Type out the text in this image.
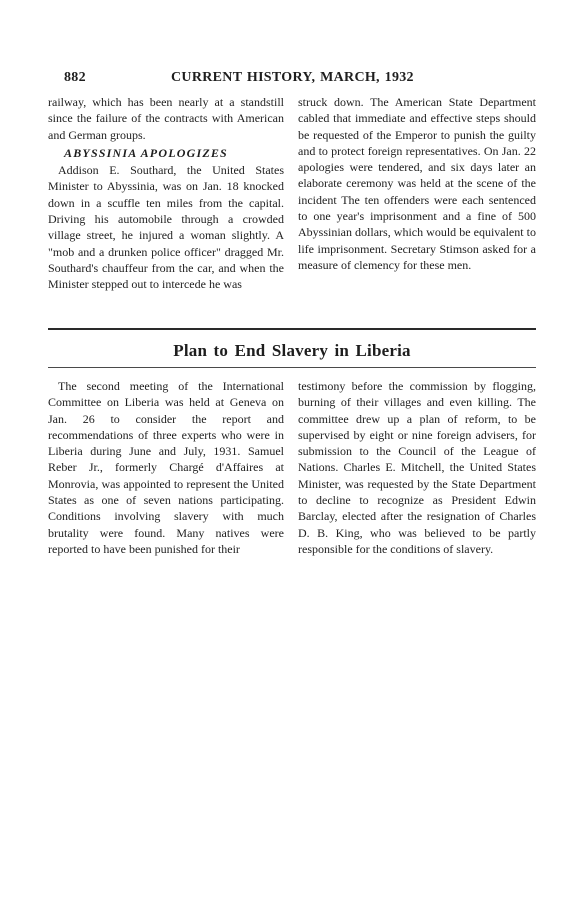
882	CURRENT HISTORY, MARCH, 1932

railway, which has been nearly at a standstill since the failure of the contracts with American and German groups.

ABYSSINIA APOLOGIZES

Addison E. Southard, the United States Minister to Abyssinia, was on Jan. 18 knocked down in a scuffle ten miles from the capital. Driving his automobile through a crowded village street, he injured a woman slightly. A "mob and a drunken police officer" dragged Mr. Southard's chauffeur from the car, and when the Minister stepped out to intercede he was

struck down. The American State Department cabled that immediate and effective steps should be requested of the Emperor to punish the guilty and to protect foreign representatives. On Jan. 22 apologies were tendered, and six days later an elaborate ceremony was held at the scene of the incident The ten offenders were each sentenced to one year's imprisonment and a fine of 500 Abyssinian dollars, which would be equivalent to life imprisonment. Secretary Stimson asked for a measure of clemency for these men.

Plan to End Slavery in Liberia

The second meeting of the International Committee on Liberia was held at Geneva on Jan. 26 to consider the report and recommendations of three experts who were in Liberia during June and July, 1931. Samuel Reber Jr., formerly Chargé d'Affaires at Monrovia, was appointed to represent the United States as one of seven nations participating. Conditions involving slavery with much brutality were found. Many natives were reported to have been punished for their

testimony before the commission by flogging, burning of their villages and even killing. The committee drew up a plan of reform, to be supervised by eight or nine foreign advisers, for submission to the Council of the League of Nations. Charles E. Mitchell, the United States Minister, was requested by the State Department to decline to recognize as President Edwin Barclay, elected after the resignation of Charles D. B. King, who was believed to be partly responsible for the conditions of slavery.
